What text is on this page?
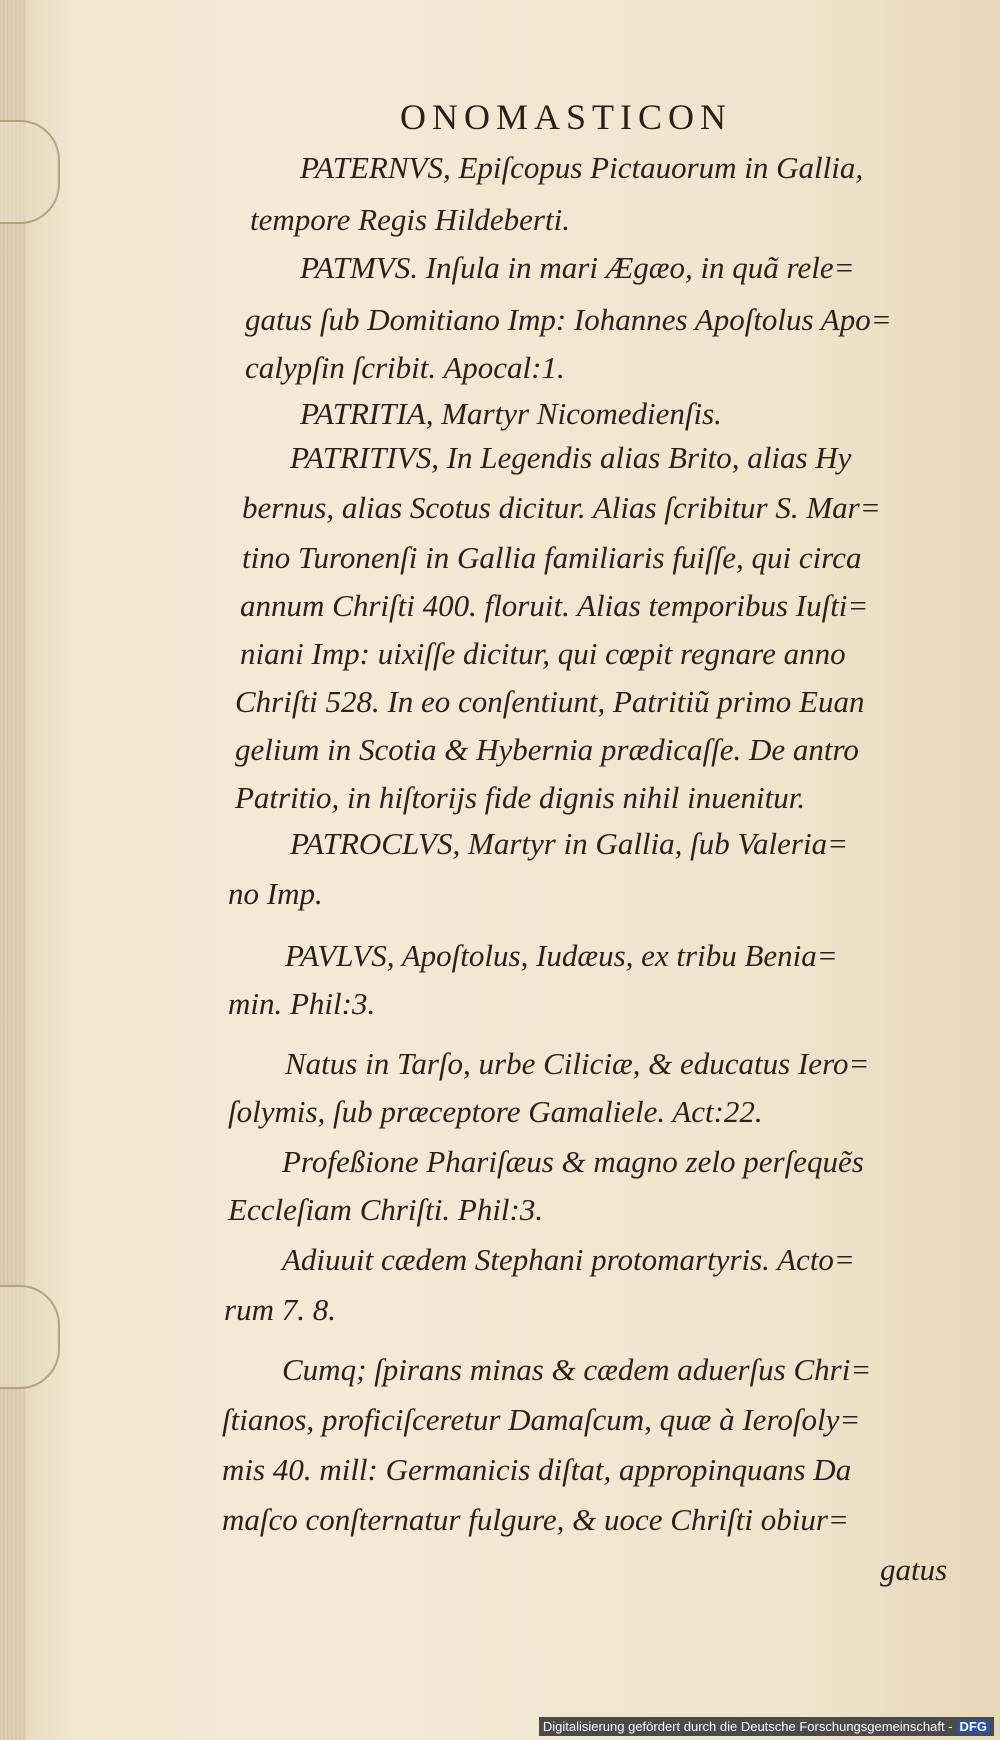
ONOMASTICON
PATERNVS, Epiſcopus Pictauorum in Gallia,
tempore Regis Hildeberti.
PATMVS. Inſula in mari Ægæo, in quã rele=
gatus ſub Domitiano Imp: Iohannes Apoſtolus Apo=
calypſin ſcribit. Apocal:1.
PATRITIA, Martyr Nicomedienſis.
PATRITIVS, In Legendis alias Brito, alias Hy
bernus, alias Scotus dicitur. Alias ſcribitur S. Mar=
tino Turonenſi in Gallia familiaris fuiſſe, qui circa
annum Chriſti 400. floruit. Alias temporibus Iuſti=
niani Imp: uixiſſe dicitur, qui cœpit regnare anno
Chriſti 528. In eo conſentiunt, Patritiũ primo Euan
gelium in Scotia & Hybernia prædicaſſe. De antro
Patritio, in hiſtorijs fide dignis nihil inuenitur.
PATROCLVS, Martyr in Gallia, ſub Valeria=
no Imp.
PAVLVS, Apoſtolus, Iudæus, ex tribu Benia=
min. Phil:3.
Natus in Tarſo, urbe Ciliciæ, & educatus Iero=
ſolymis, ſub præceptore Gamaliele. Act:22.
Profeßione Phariſæus & magno zelo perſequẽs
Eccleſiam Chriſti. Phil:3.
Adiuuit cædem Stephani protomartyris. Acto=
rum 7. 8.
Cumq; ſpirans minas & cædem aduerſus Chri=
ſtianos, proficiſceretur Damaſcum, quæ à Ieroſoly=
mis 40. mill: Germanicis diſtat, appropinquans Da
maſco conſternatur fulgure, & uoce Chriſti obiur=
gatus
Digitalisierung gefördert durch die Deutsche Forschungsgemeinschaft - DFG
